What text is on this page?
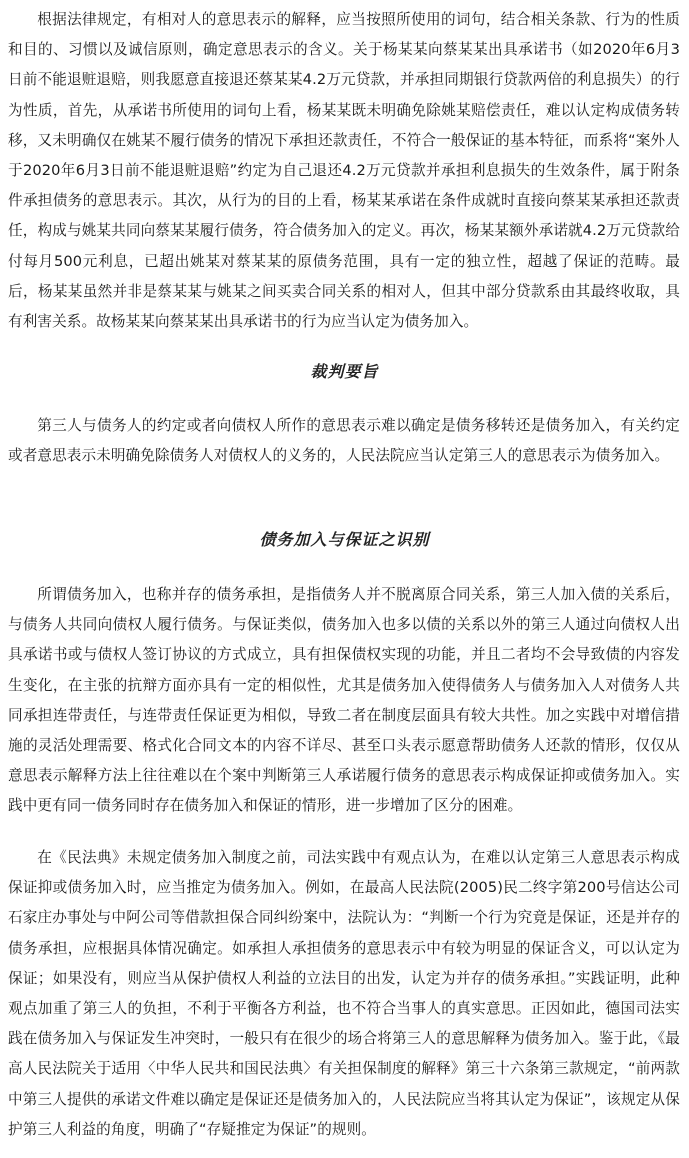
根据法律规定，有相对人的意思表示的解释，应当按照所使用的词句，结合相关条款、行为的性质和目的、习惯以及诚信原则，确定意思表示的含义。关于杨某某向蔡某某出具承诺书（如2020年6月3日前不能退赃退赔，则我愿意直接退还蔡某某4.2万元贷款，并承担同期银行贷款两倍的利息损失）的行为性质，首先，从承诺书所使用的词句上看，杨某某既未明确免除姚某赔偿责任，难以认定构成债务转移，又未明确仅在姚某不履行债务的情况下承担还款责任，不符合一般保证的基本特征，而系将“案外人于2020年6月3日前不能退赃退赔”约定为自己退还4.2万元贷款并承担利息损失的生效条件，属于附条件承担债务的意思表示。其次，从行为的目的上看，杨某某承诺在条件成就时直接向蔡某某承担还款责任，构成与姚某共同向蔡某某履行债务，符合债务加入的定义。再次，杨某某额外承诺就4.2万元贷款给付每月500元利息，已超出姚某对蔡某某的原债务范围，具有一定的独立性，超越了保证的范畴。最后，杨某某虽然并非是蔡某某与姚某之间买卖合同关系的相对人，但其中部分贷款系由其最终收取，具有利害关系。故杨某某向蔡某某出具承诺书的行为应当认定为债务加入。

裁判要旨

第三人与债务人的约定或者向债权人所作的意思表示难以确定是债务移转还是债务加入，有关约定或者意思表示未明确免除债务人对债权人的义务的，人民法院应当认定第三人的意思表示为债务加入。

债务加入与保证之识别

所谓债务加入，也称并存的债务承担，是指债务人并不脱离原合同关系，第三人加入债的关系后，与债务人共同向债权人履行债务。与保证类似，债务加入也多以债的关系以外的第三人通过向债权人出具承诺书或与债权人签订协议的方式成立，具有担保债权实现的功能，并且二者均不会导致债的内容发生变化，在主张的抗辩方面亦具有一定的相似性，尤其是债务加入使得债务人与债务加入人对债务人共同承担连带责任，与连带责任保证更为相似，导致二者在制度层面具有较大共性。加之实践中对增信措施的灵活处理需要、格式化合同文本的内容不详尽、甚至口头表示愿意帮助债务人还款的情形，仅仅从意思表示解释方法上往往难以在个案中判断第三人承诺履行债务的意思表示构成保证抑或债务加入。实践中更有同一债务同时存在债务加入和保证的情形，进一步增加了区分的困难。

在《民法典》未规定债务加入制度之前，司法实践中有观点认为，在难以认定第三人意思表示构成保证抑或债务加入时，应当推定为债务加入。例如，在最高人民法院(2005)民二终字第200号信达公司石家庄办事处与中阿公司等借款担保合同纠纷案中，法院认为：“判断一个行为究竟是保证，还是并存的债务承担，应根据具体情况确定。如承担人承担债务的意思表示中有较为明显的保证含义，可以认定为保证；如果没有，则应当从保护债权人利益的立法目的出发，认定为并存的债务承担。”实践证明，此种观点加重了第三人的负担，不利于平衡各方利益，也不符合当事人的真实意思。正因如此，德国司法实践在债务加入与保证发生冲突时，一般只有在很少的场合将第三人的意思解释为债务加入。鉴于此，《最高人民法院关于适用〈中华人民共和国民法典〉有关担保制度的解释》第三十六条第三款规定，“前两款中第三人提供的承诺文件难以确定是保证还是债务加入的，人民法院应当将其认定为保证”，该规定从保护第三人利益的角度，明确了“存疑推定为保证”的规则。
